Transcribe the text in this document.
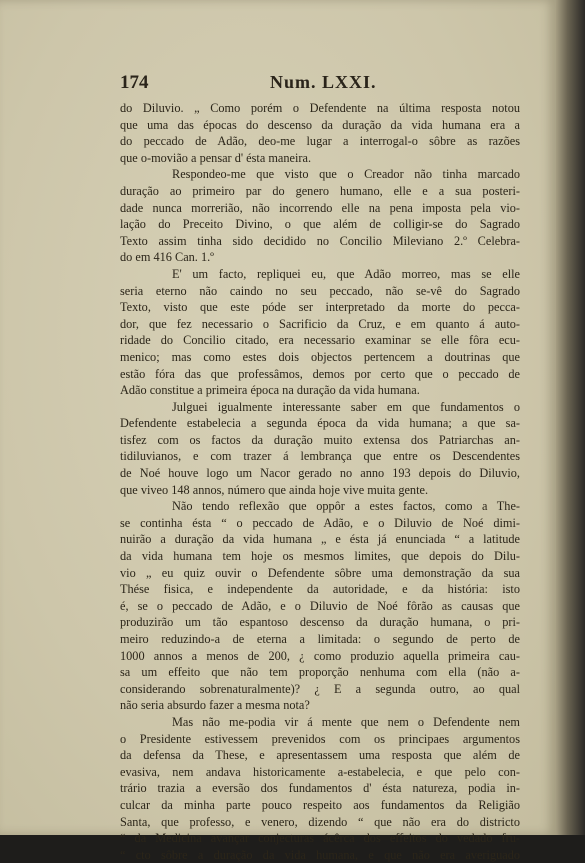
174	Num. LXXI.
do Diluvio. „ Como porém o Defendente na última resposta notou
que uma das épocas do descenso da duração da vida humana era a
do peccado de Adão, deo-me lugar a interrogal-o sôbre as razões
que o-movião a pensar d' ésta maneira.
Respondeo-me que visto que o Creador não tinha marcado
duração ao primeiro par do genero humano, elle e a sua posteri-
dade nunca morrerião, não incorrendo elle na pena imposta pela vio-
lação do Preceito Divino, o que além de colligir-se do Sagrado
Texto assim tinha sido decidido no Concilio Mileviano 2.º Celebra-
do em 416 Can. 1.º
E' um facto, repliquei eu, que Adão morreo, mas se elle
seria eterno não caindo no seu peccado, não se-vê do Sagrado
Texto, visto que este póde ser interpretado da morte do pecca-
dor, que fez necessario o Sacrificio da Cruz, e em quanto á auto-
ridade do Concilio citado, era necessario examinar se elle fôra ecu-
menico; mas como estes dois objectos pertencem a doutrinas que
estão fóra das que professâmos, demos por certo que o peccado de
Adão constitue a primeira época na duração da vida humana.
Julguei igualmente interessante saber em que fundamentos o
Defendente estabelecia a segunda época da vida humana; a que sa-
tisfez com os factos da duração muito extensa dos Patriarchas an-
tidiluvianos, e com trazer á lembrança que entre os Descendentes
de Noé houve logo um Nacor gerado no anno 193 depois do Diluvio,
que viveo 148 annos, número que ainda hoje vive muita gente.
Não tendo reflexão que oppôr a estes factos, como a The-
se continha ésta “ o peccado de Adão, e o Diluvio de Noé dimi-
nuirão a duração da vida humana „ e ésta já enunciada “ a latitude
da vida humana tem hoje os mesmos limites, que depois do Dilu-
vio „ eu quiz ouvir o Defendente sôbre uma demonstração da sua
Thése fisica, e independente da autoridade, e da história: isto
é, se o peccado de Adão, e o Diluvio de Noé fôrão as causas que
produzirão um tão espantoso descenso da duração humana, o pri-
meiro reduzindo-a de eterna a limitada: o segundo de perto de
1000 annos a menos de 200, ¿ como produzio aquella primeira cau-
sa um effeito que não tem proporção nenhuma com ella (não a-
considerando sobrenaturalmente)? ¿ E a segunda outro, ao qual
não seria absurdo fazer a mesma nota?
Mas não me-podia vir á mente que nem o Defendente nem
o Presidente estivessem prevenidos com os principaes argumentos
da defensa da These, e apresentassem uma resposta que além de
evasiva, nem andava historicamente a-estabelecia, e que pelo con-
trário trazia a eversão dos fundamentos d' ésta natureza, podia in-
culcar da minha parte pouco respeito aos fundamentos da Religião
Santa, que professo, e venero, dizendo “ que não era do districto
“ da Medicina avançar conjecturas ácêrca dos effeitos do vedado fru-
“ cto sôbre a duração da vida humana, e que não era averiguado
